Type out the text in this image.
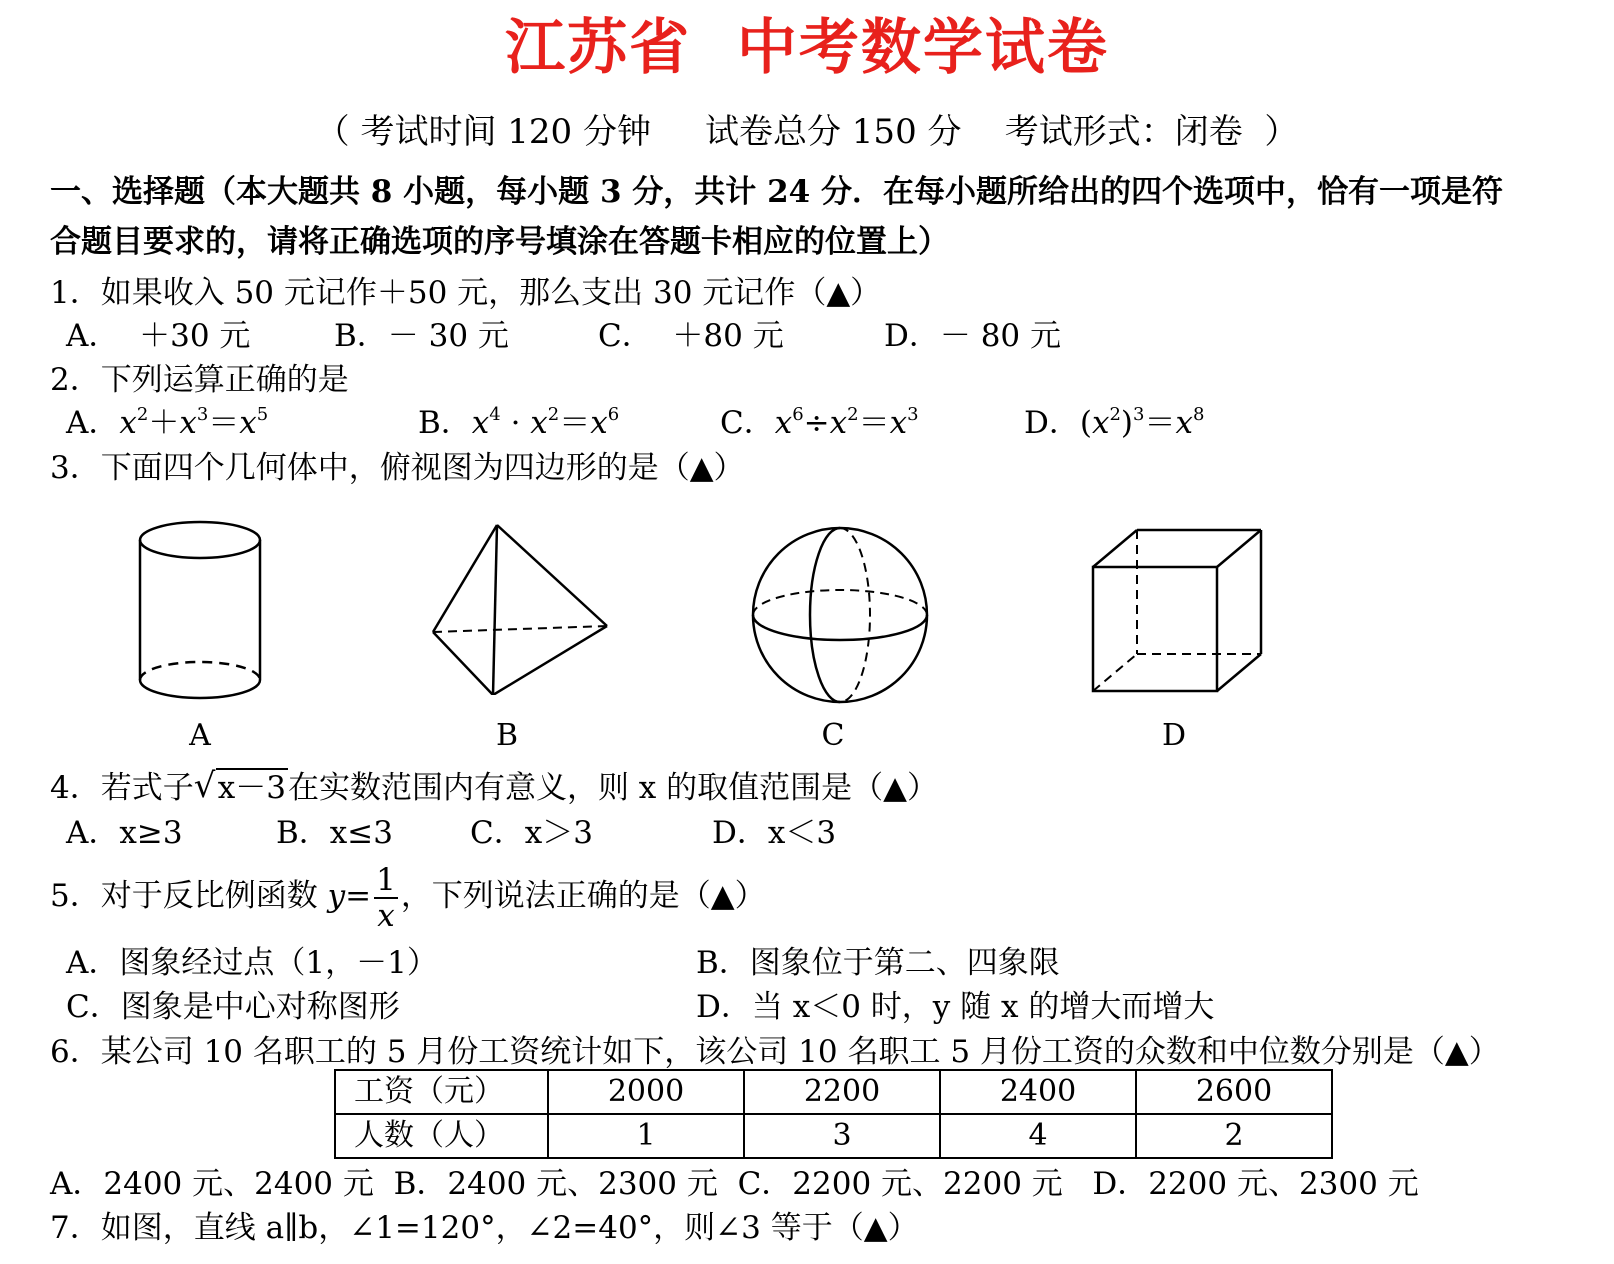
江苏省  中考数学试卷
（ 考试时间 120 分钟     试卷总分 150 分    考试形式：闭卷  ）
一、选择题（本大题共 8 小题，每小题 3 分，共计 24 分．在每小题所给出的四个选项中，恰有一项是符
合题目要求的，请将正确选项的序号填涂在答题卡相应的位置上）
1．如果收入 50 元记作＋50 元，那么支出 30 元记作（▲）
A．  ＋30 元	B．－ 30 元	C．  ＋80 元	D．－ 80 元
2．下列运算正确的是
A．$x^2+x^3=x^5$	B．$x^4 \cdot x^2=x^6$	C．$x^6\div x^2=x^3$	D．$(x^2)^3=x^8$
3．下面四个几何体中，俯视图为四边形的是（▲）
A	B	C	D
4．若式子 √ x－3在实数范围内有意义，则 x 的取值范围是（▲）
A．x≥3	B．x≤3 C．x＞3	D．x＜3
5．对于反比例函数 $y= \frac{1}{x}$ ，下列说法正确的是（▲）
A．图象经过点（1，－1）	B．图象位于第二、四象限
C．图象是中心对称图形	D．当 x＜0 时，y 随 x 的增大而增大
6．某公司 10 名职工的 5 月份工资统计如下，该公司 10 名职工 5 月份工资的众数和中位数分别是（▲）
工资（元）	2000	2200	2400	2600
人数（人）	1	3	4	2
A．2400 元、2400 元  B．2400 元、2300 元  C．2200 元、2200 元   D．2200 元、2300 元
7．如图，直线 a∥b，∠1=120°，∠2=40°，则∠3 等于（▲）
